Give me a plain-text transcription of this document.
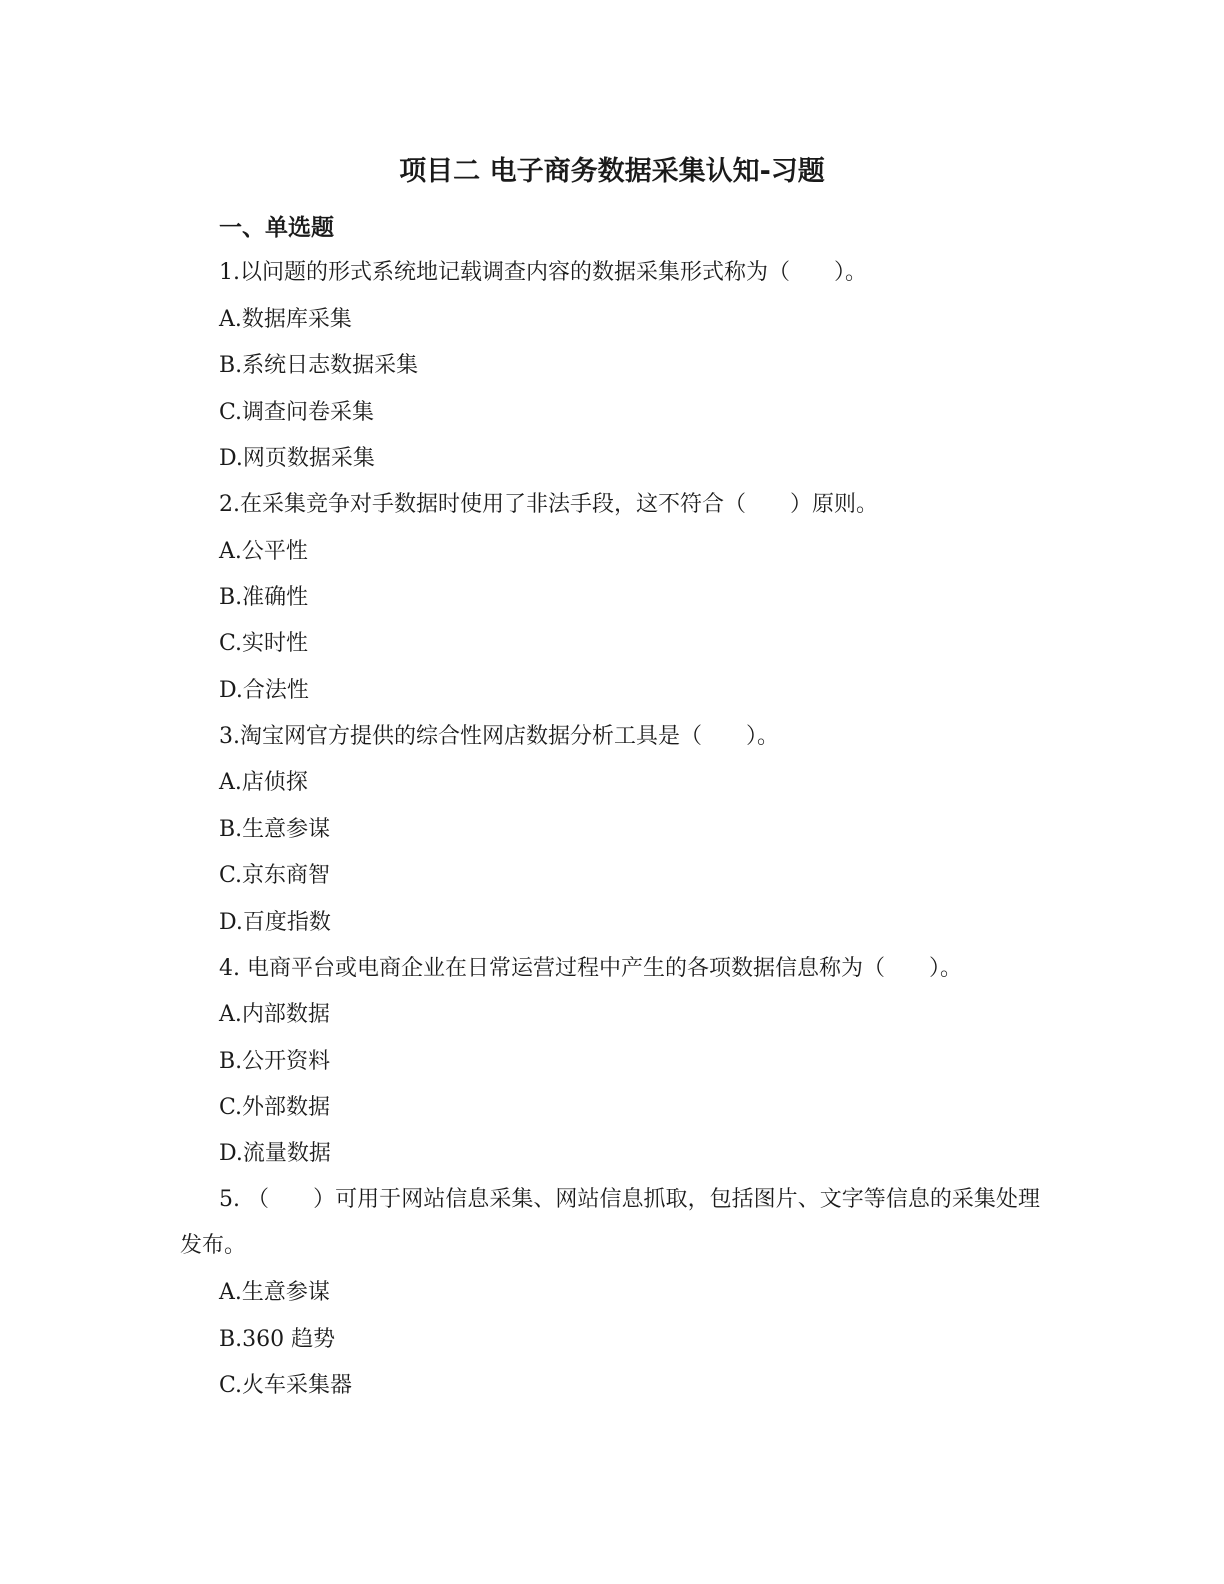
项目二 电子商务数据采集认知-习题
一、单选题
1.以问题的形式系统地记载调查内容的数据采集形式称为（　　）。
A.数据库采集
B.系统日志数据采集
C.调查问卷采集
D.网页数据采集
2.在采集竞争对手数据时使用了非法手段，这不符合（　　）原则。
A.公平性
B.准确性
C.实时性
D.合法性
3.淘宝网官方提供的综合性网店数据分析工具是（　　）。
A.店侦探
B.生意参谋
C.京东商智
D.百度指数
4. 电商平台或电商企业在日常运营过程中产生的各项数据信息称为（　　）。
A.内部数据
B.公开资料
C.外部数据
D.流量数据
5. （　　）可用于网站信息采集、网站信息抓取，包括图片、文字等信息的采集处理发布。
A.生意参谋
B.360 趋势
C.火车采集器
